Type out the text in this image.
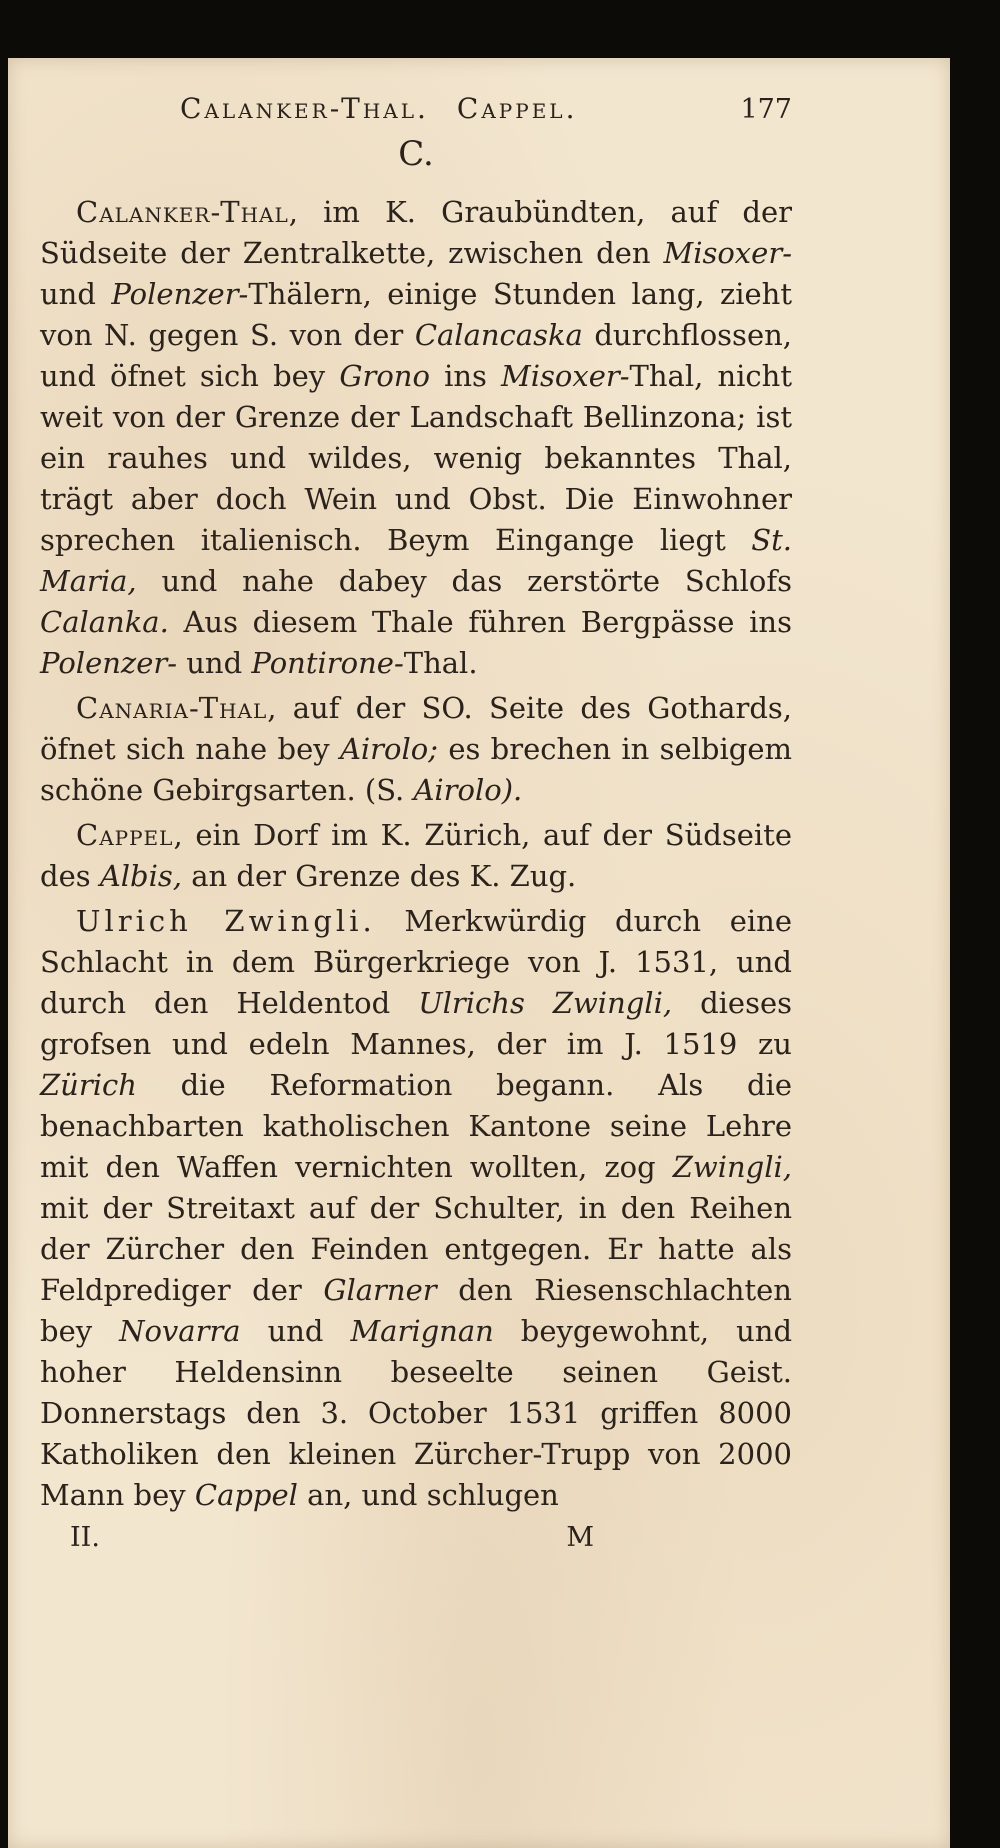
Calanker-Thal. Cappel.	177
C.

Calanker-Thal, im K. Graubündten, auf der Südseite der Zentralkette, zwischen den Misoxer- und Polenzer-Thälern, einige Stunden lang, zieht von N. gegen S. von der Calancaska durchflossen, und öfnet sich bey Grono ins Misoxer-Thal, nicht weit von der Grenze der Landschaft Bellinzona; ist ein rauhes und wildes, wenig bekanntes Thal, trägt aber doch Wein und Obst. Die Einwohner sprechen italienisch. Beym Eingange liegt St. Maria, und nahe dabey das zerstörte Schlofs Calanka. Aus diesem Thale führen Bergpässe ins Polenzer- und Pontirone-Thal.

Canaria-Thal, auf der SO. Seite des Gothards, öfnet sich nahe bey Airolo; es brechen in selbigem schöne Gebirgsarten. (S. Airolo).

Cappel, ein Dorf im K. Zürich, auf der Südseite des Albis, an der Grenze des K. Zug.

Ulrich Zwingli. Merkwürdig durch eine Schlacht in dem Bürgerkriege von J. 1531, und durch den Heldentod Ulrichs Zwingli, dieses grofsen und edeln Mannes, der im J. 1519 zu Zürich die Reformation begann. Als die benachbarten katholischen Kantone seine Lehre mit den Waffen vernichten wollten, zog Zwingli, mit der Streitaxt auf der Schulter, in den Reihen der Zürcher den Feinden entgegen. Er hatte als Feldprediger der Glarner den Riesenschlachten bey Novarra und Marignan beygewohnt, und hoher Heldensinn beseelte seinen Geist. Donnerstags den 3. October 1531 griffen 8000 Katholiken den kleinen Zürcher-Trupp von 2000 Mann bey Cappel an, und schlugen

II.	M
